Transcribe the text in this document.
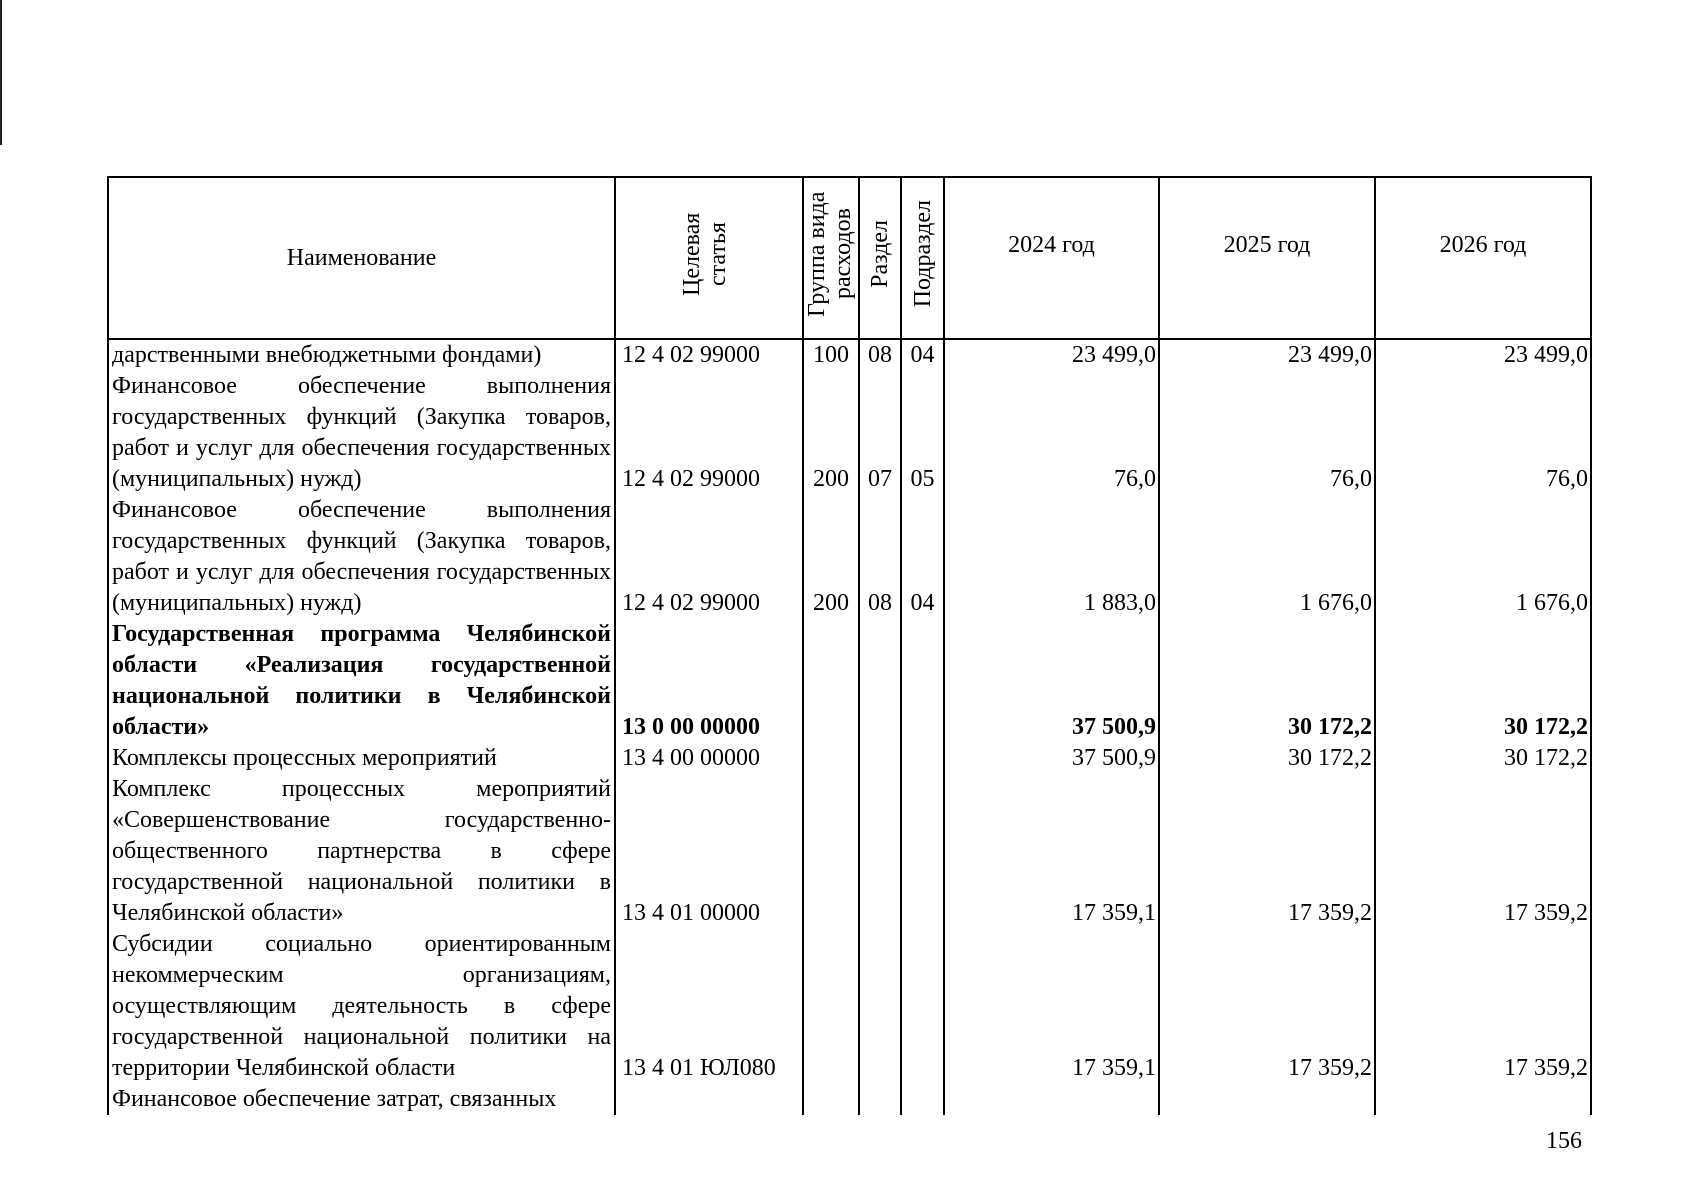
Наименование	Целевая статья	Группа вида расходов	Раздел	Подраздел	2024 год	2025 год	2026 год

дарственными внебюджетными фондами)	12 4 02 99000	100	08	04	23 499,0	23 499,0	23 499,0
Финансовое обеспечение выполнения государственных функций (Закупка товаров, работ и услуг для обеспечения государственных (муниципальных) нужд)	12 4 02 99000	200	07	05	76,0	76,0	76,0
Финансовое обеспечение выполнения государственных функций (Закупка товаров, работ и услуг для обеспечения государственных (муниципальных) нужд)	12 4 02 99000	200	08	04	1 883,0	1 676,0	1 676,0
Государственная программа Челябинской области «Реализация государственной национальной политики в Челябинской области»	13 0 00 00000				37 500,9	30 172,2	30 172,2
Комплексы процессных мероприятий	13 4 00 00000				37 500,9	30 172,2	30 172,2
Комплекс процессных мероприятий «Совершенствование государственно-общественного партнерства в сфере государственной национальной политики в Челябинской области»	13 4 01 00000				17 359,1	17 359,2	17 359,2
Субсидии социально ориентированным некоммерческим организациям, осуществляющим деятельность в сфере государственной национальной политики на территории Челябинской области	13 4 01 ЮЛ080				17 359,1	17 359,2	17 359,2
Финансовое обеспечение затрат, связанных							
156
